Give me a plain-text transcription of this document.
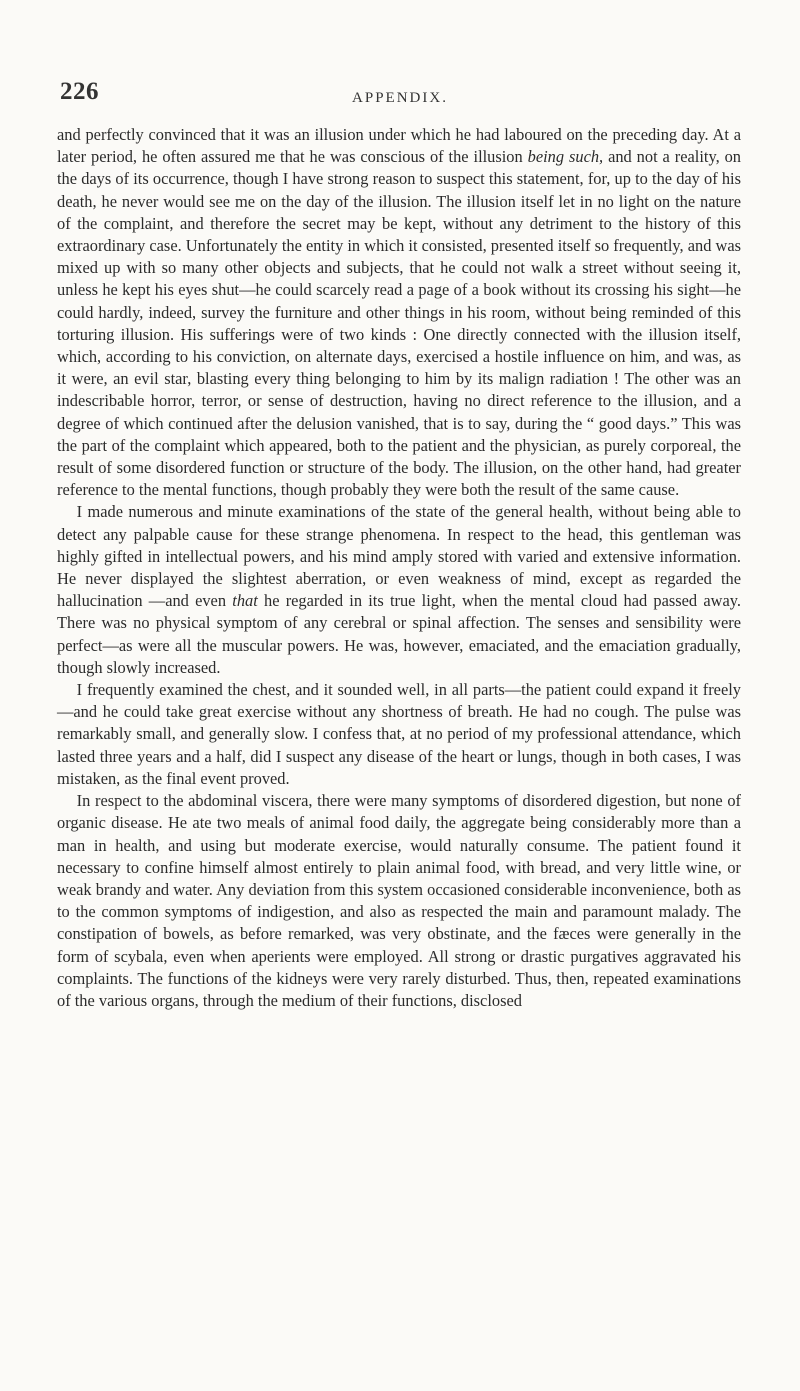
226	APPENDIX.

and perfectly convinced that it was an illusion under which he had laboured on the preceding day. At a later period, he often assured me that he was conscious of the illusion being such, and not a reality, on the days of its occurrence, though I have strong reason to suspect this statement, for, up to the day of his death, he never would see me on the day of the illusion. The illusion itself let in no light on the nature of the complaint, and therefore the secret may be kept, without any detriment to the history of this extraordinary case. Unfortunately the entity in which it consisted, presented itself so frequently, and was mixed up with so many other objects and subjects, that he could not walk a street without seeing it, unless he kept his eyes shut—he could scarcely read a page of a book without its crossing his sight—he could hardly, indeed, survey the furniture and other things in his room, without being reminded of this torturing illusion. His sufferings were of two kinds : One directly connected with the illusion itself, which, according to his conviction, on alternate days, exercised a hostile influence on him, and was, as it were, an evil star, blasting every thing belonging to him by its malign radiation ! The other was an indescribable horror, terror, or sense of destruction, having no direct reference to the illusion, and a degree of which continued after the delusion vanished, that is to say, during the “ good days.” This was the part of the complaint which appeared, both to the patient and the physician, as purely corporeal, the result of some disordered function or structure of the body. The illusion, on the other hand, had greater reference to the mental functions, though probably they were both the result of the same cause.

I made numerous and minute examinations of the state of the general health, without being able to detect any palpable cause for these strange phenomena. In respect to the head, this gentleman was highly gifted in intellectual powers, and his mind amply stored with varied and extensive information. He never displayed the slightest aberration, or even weakness of mind, except as regarded the hallucination —and even that he regarded in its true light, when the mental cloud had passed away. There was no physical symptom of any cerebral or spinal affection. The senses and sensibility were perfect—as were all the muscular powers. He was, however, emaciated, and the emaciation gradually, though slowly increased.

I frequently examined the chest, and it sounded well, in all parts—the patient could expand it freely—and he could take great exercise without any shortness of breath. He had no cough. The pulse was remarkably small, and generally slow. I confess that, at no period of my professional attendance, which lasted three years and a half, did I suspect any disease of the heart or lungs, though in both cases, I was mistaken, as the final event proved.

In respect to the abdominal viscera, there were many symptoms of disordered digestion, but none of organic disease. He ate two meals of animal food daily, the aggregate being considerably more than a man in health, and using but moderate exercise, would naturally consume. The patient found it necessary to confine himself almost entirely to plain animal food, with bread, and very little wine, or weak brandy and water. Any deviation from this system occasioned considerable inconvenience, both as to the common symptoms of indigestion, and also as respected the main and paramount malady. The constipation of bowels, as before remarked, was very obstinate, and the fæces were generally in the form of scybala, even when aperients were employed. All strong or drastic purgatives aggravated his complaints. The functions of the kidneys were very rarely disturbed. Thus, then, repeated examinations of the various organs, through the medium of their functions, disclosed
